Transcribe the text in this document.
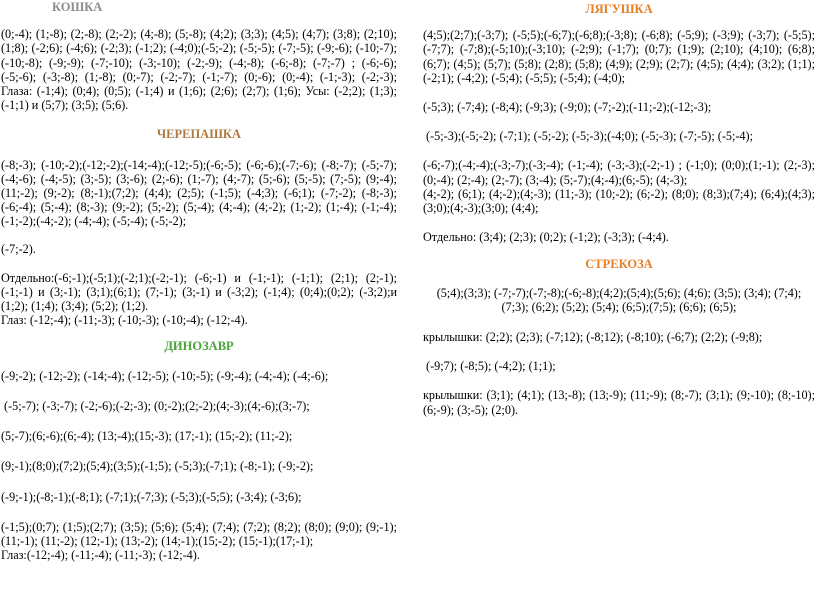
КОШКА

(0;-4); (1;-8); (2;-8); (2;-2); (4;-8); (5;-8); (4;2); (3;3); (4;5); (4;7); (3;8); (2;10); (1;8); (-2;6); (-4;6); (-2;3); (-1;2); (-4;0);(-5;-2); (-5;-5); (-7;-5); (-9;-6); (-10;-7); (-10;-8); (-9;-9); (-7;-10); (-3;-10); (-2;-9); (-4;-8); (-6;-8); (-7;-7) ; (-6;-6);(-5;-6); (-3;-8); (1;-8); (0;-7); (-2;-7); (-1;-7); (0;-6); (0;-4); (-1;-3); (-2;-3); Глаза: (-1;4); (0;4); (0;5); (-1;4) и (1;6); (2;6); (2;7); (1;6); Усы: (-2;2); (1;3); (-1;1) и (5;7); (3;5); (5;6).

ЧЕРЕПАШКА

(-8;-3); (-10;-2);(-12;-2);(-14;-4);(-12;-5);(-6;-5); (-6;-6);(-7;-6); (-8;-7); (-5;-7); (-4;-6); (-4;-5); (3;-5); (3;-6); (2;-6); (1;-7); (4;-7); (5;-6); (5;-5); (7;-5); (9;-4); (11;-2); (9;-2); (8;-1);(7;2); (4;4); (2;5); (-1;5); (-4;3); (-6;1); (-7;-2); (-8;-3); (-6;-4); (5;-4); (8;-3); (9;-2); (5;-2); (5;-4); (4;-4); (4;-2); (1;-2); (1;-4); (-1;-4); (-1;-2);(-4;-2); (-4;-4); (-5;-4); (-5;-2);

(-7;-2).

Отдельно:(-6;-1);(-5;1);(-2;1);(-2;-1); (-6;-1) и (-1;-1); (-1;1); (2;1); (2;-1); (-1;-1) и (3;-1); (3;1);(6;1); (7;-1); (3;-1) и (-3;2); (-1;4); (0;4);(0;2); (-3;2);и (1;2); (1;4); (3;4); (5;2); (1;2).

Глаз: (-12;-4); (-11;-3); (-10;-3); (-10;-4); (-12;-4).

ДИНОЗАВР

(-9;-2); (-12;-2); (-14;-4); (-12;-5); (-10;-5); (-9;-4); (-4;-4); (-4;-6);

(-5;-7); (-3;-7); (-2;-6);(-2;-3); (0;-2);(2;-2);(4;-3);(4;-6);(3;-7);

(5;-7);(6;-6);(6;-4); (13;-4);(15;-3); (17;-1); (15;-2); (11;-2);

(9;-1);(8;0);(7;2);(5;4);(3;5);(-1;5); (-5;3);(-7;1); (-8;-1); (-9;-2);

(-9;-1);(-8;-1);(-8;1); (-7;1);(-7;3); (-5;3);(-5;5); (-3;4); (-3;6);

(-1;5);(0;7); (1;5);(2;7); (3;5); (5;6); (5;4); (7;4); (7;2); (8;2); (8;0); (9;0); (9;-1); (11;-1); (11;-2); (12;-1); (13;-2); (14;-1);(15;-2); (15;-1);(17;-1);

Глаз:(-12;-4); (-11;-4); (-11;-3); (-12;-4).

ЛЯГУШКА

(4;5);(2;7);(-3;7); (-5;5);(-6;7);(-6;8);(-3;8); (-6;8); (-5;9); (-3;9); (-3;7); (-5;5); (-7;7); (-7;8);(-5;10);(-3;10); (-2;9); (-1;7); (0;7); (1;9); (2;10); (4;10); (6;8); (6;7); (4;5); (5;7); (5;8); (2;8); (5;8); (4;9); (2;9); (2;7); (4;5); (4;4); (3;2); (1;1); (-2;1); (-4;2); (-5;4); (-5;5); (-5;4); (-4;0);

(-5;3); (-7;4); (-8;4); (-9;3); (-9;0); (-7;-2);(-11;-2);(-12;-3);

(-5;-3);(-5;-2); (-7;1); (-5;-2); (-5;-3);(-4;0); (-5;-3); (-7;-5); (-5;-4);

(-6;-7);(-4;-4);(-3;-7);(-3;-4); (-1;-4); (-3;-3);(-2;-1) ; (-1;0); (0;0);(1;-1); (2;-3);(0;-4); (2;-4); (2;-7); (3;-4); (5;-7);(4;-4);(6;-5); (4;-3);

(4;-2); (6;1); (4;-2);(4;-3); (11;-3); (10;-2); (6;-2); (8;0); (8;3);(7;4); (6;4);(4;3); (3;0);(4;-3);(3;0); (4;4);

Отдельно: (3;4); (2;3); (0;2); (-1;2); (-3;3); (-4;4).

СТРЕКОЗА

(5;4);(3;3); (-7;-7);(-7;-8);(-6;-8);(4;2);(5;4);(5;6); (4;6); (3;5); (3;4); (7;4); (7;3); (6;2); (5;2); (5;4); (6;5);(7;5); (6;6); (6;5);

крылышки: (2;2); (2;3); (-7;12); (-8;12); (-8;10); (-6;7); (2;2); (-9;8);

(-9;7); (-8;5); (-4;2); (1;1);

крылышки: (3;1); (4;1); (13;-8); (13;-9); (11;-9); (8;-7); (3;1); (9;-10); (8;-10); (6;-9); (3;-5); (2;0).
